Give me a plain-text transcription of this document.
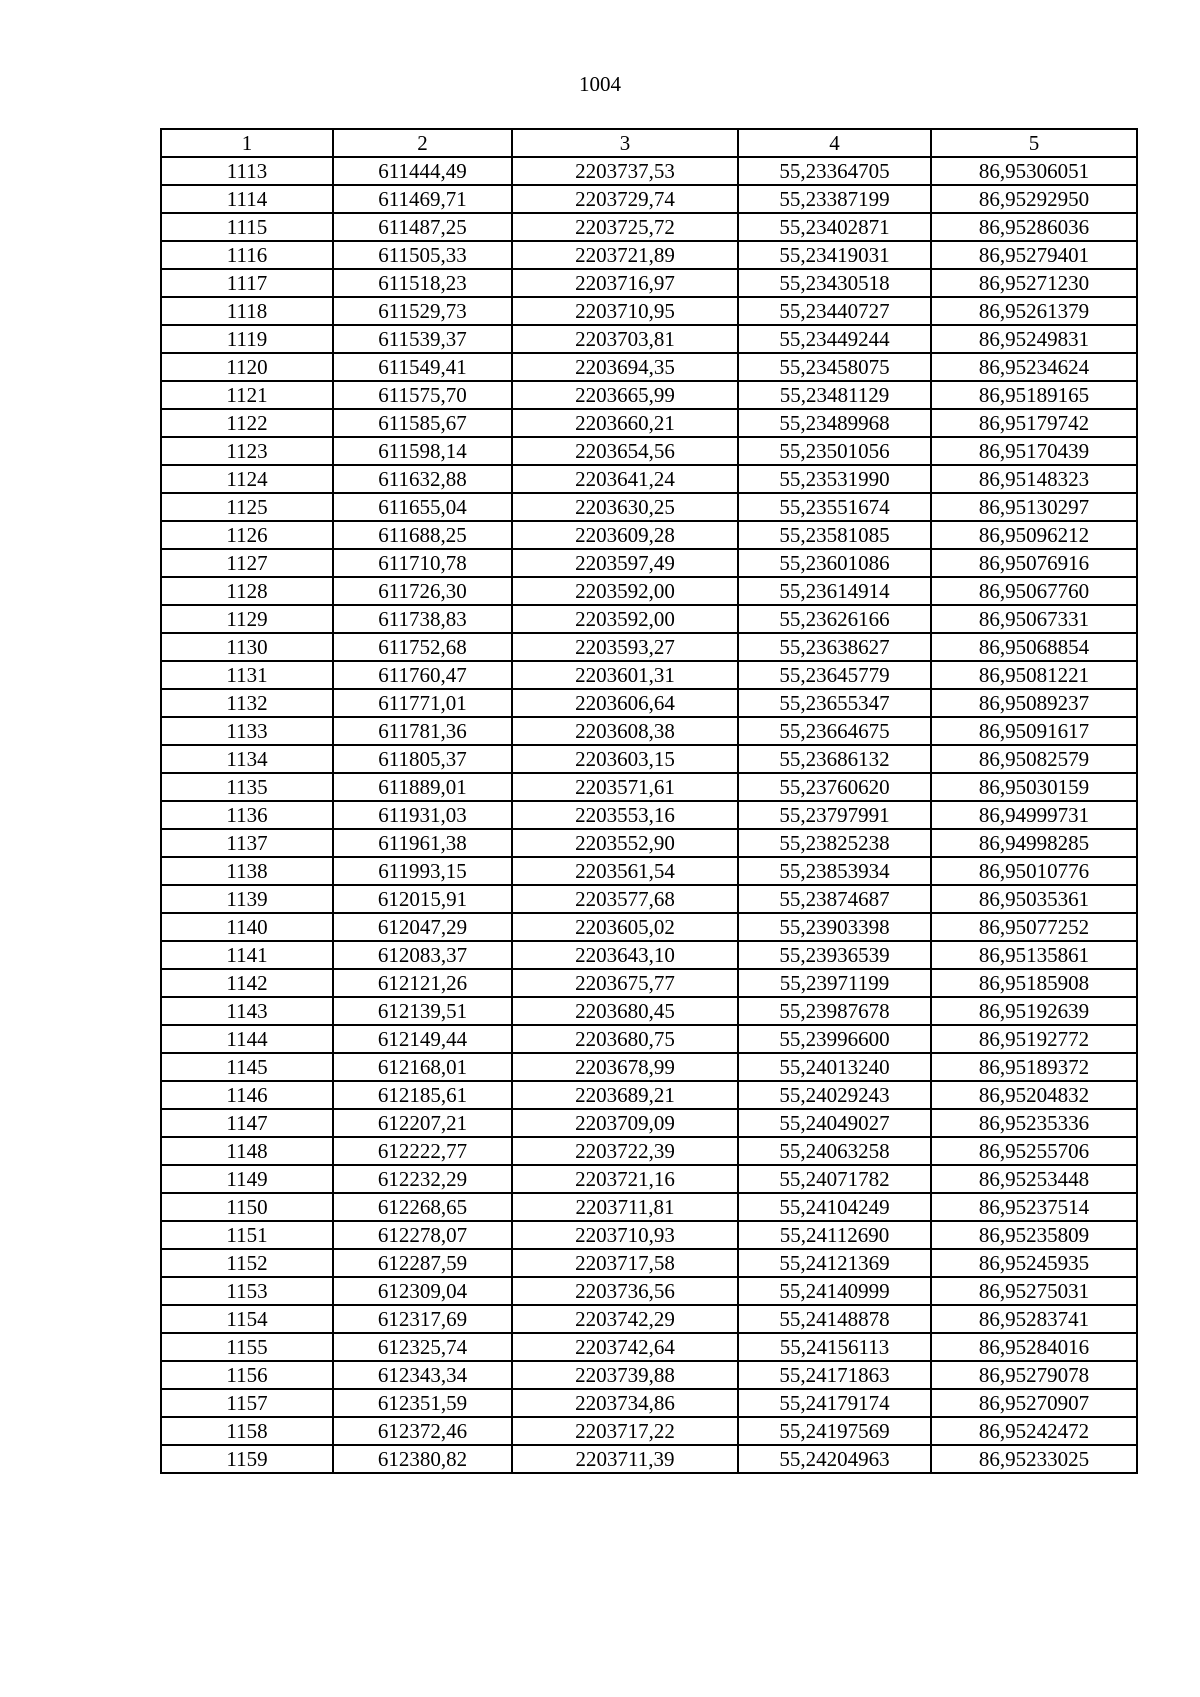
1004
1	2	3	4	5
1113	611444,49	2203737,53	55,23364705	86,95306051
1114	611469,71	2203729,74	55,23387199	86,95292950
1115	611487,25	2203725,72	55,23402871	86,95286036
1116	611505,33	2203721,89	55,23419031	86,95279401
1117	611518,23	2203716,97	55,23430518	86,95271230
1118	611529,73	2203710,95	55,23440727	86,95261379
1119	611539,37	2203703,81	55,23449244	86,95249831
1120	611549,41	2203694,35	55,23458075	86,95234624
1121	611575,70	2203665,99	55,23481129	86,95189165
1122	611585,67	2203660,21	55,23489968	86,95179742
1123	611598,14	2203654,56	55,23501056	86,95170439
1124	611632,88	2203641,24	55,23531990	86,95148323
1125	611655,04	2203630,25	55,23551674	86,95130297
1126	611688,25	2203609,28	55,23581085	86,95096212
1127	611710,78	2203597,49	55,23601086	86,95076916
1128	611726,30	2203592,00	55,23614914	86,95067760
1129	611738,83	2203592,00	55,23626166	86,95067331
1130	611752,68	2203593,27	55,23638627	86,95068854
1131	611760,47	2203601,31	55,23645779	86,95081221
1132	611771,01	2203606,64	55,23655347	86,95089237
1133	611781,36	2203608,38	55,23664675	86,95091617
1134	611805,37	2203603,15	55,23686132	86,95082579
1135	611889,01	2203571,61	55,23760620	86,95030159
1136	611931,03	2203553,16	55,23797991	86,94999731
1137	611961,38	2203552,90	55,23825238	86,94998285
1138	611993,15	2203561,54	55,23853934	86,95010776
1139	612015,91	2203577,68	55,23874687	86,95035361
1140	612047,29	2203605,02	55,23903398	86,95077252
1141	612083,37	2203643,10	55,23936539	86,95135861
1142	612121,26	2203675,77	55,23971199	86,95185908
1143	612139,51	2203680,45	55,23987678	86,95192639
1144	612149,44	2203680,75	55,23996600	86,95192772
1145	612168,01	2203678,99	55,24013240	86,95189372
1146	612185,61	2203689,21	55,24029243	86,95204832
1147	612207,21	2203709,09	55,24049027	86,95235336
1148	612222,77	2203722,39	55,24063258	86,95255706
1149	612232,29	2203721,16	55,24071782	86,95253448
1150	612268,65	2203711,81	55,24104249	86,95237514
1151	612278,07	2203710,93	55,24112690	86,95235809
1152	612287,59	2203717,58	55,24121369	86,95245935
1153	612309,04	2203736,56	55,24140999	86,95275031
1154	612317,69	2203742,29	55,24148878	86,95283741
1155	612325,74	2203742,64	55,24156113	86,95284016
1156	612343,34	2203739,88	55,24171863	86,95279078
1157	612351,59	2203734,86	55,24179174	86,95270907
1158	612372,46	2203717,22	55,24197569	86,95242472
1159	612380,82	2203711,39	55,24204963	86,95233025
